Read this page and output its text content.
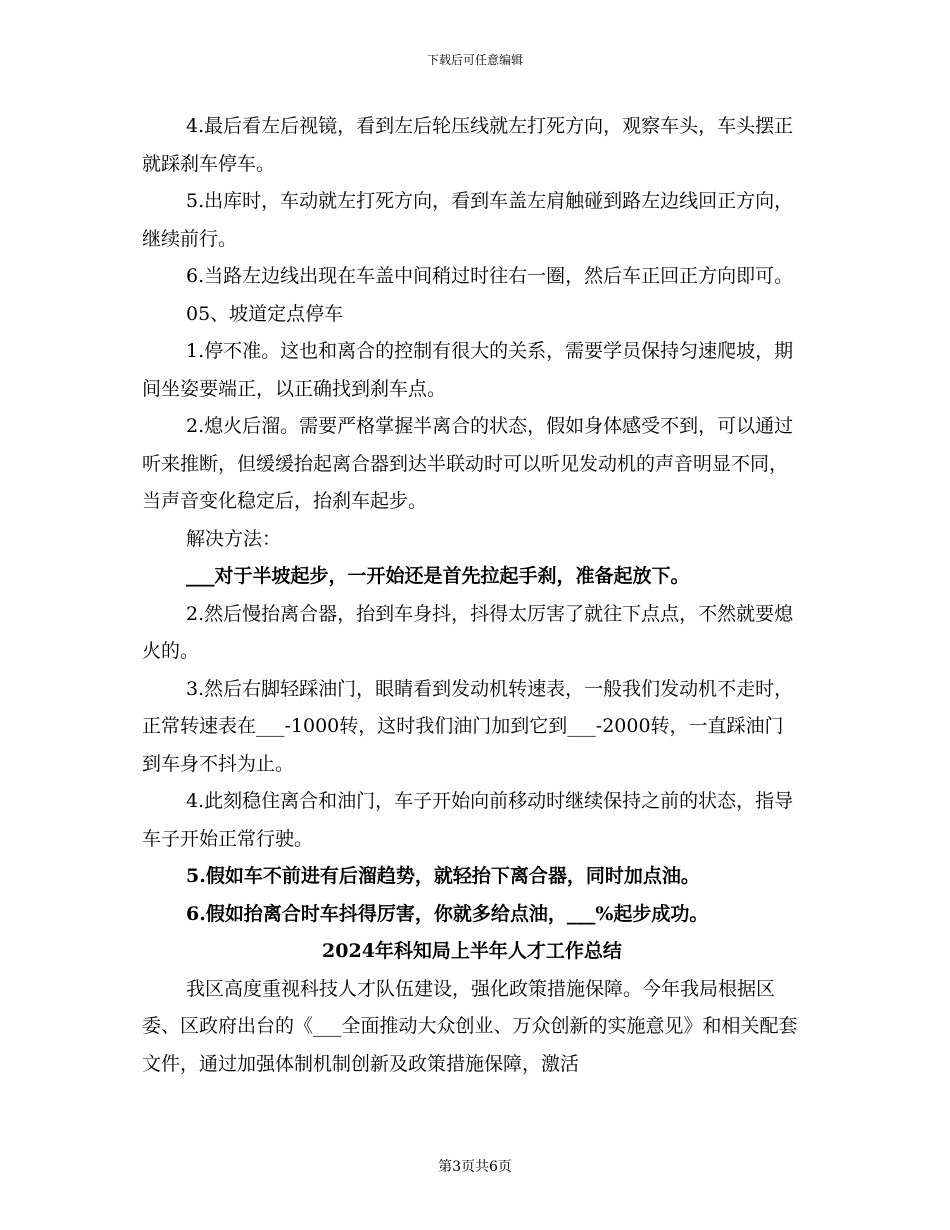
下载后可任意编辑

4.最后看左后视镜，看到左后轮压线就左打死方向，观察车头，车头摆正就踩刹车停车。

5.出库时，车动就左打死方向，看到车盖左肩触碰到路左边线回正方向，继续前行。

6.当路左边线出现在车盖中间稍过时往右一圈，然后车正回正方向即可。

05、坡道定点停车

1.停不准。这也和离合的控制有很大的关系，需要学员保持匀速爬坡，期间坐姿要端正，以正确找到刹车点。

2.熄火后溜。需要严格掌握半离合的状态，假如身体感受不到，可以通过听来推断，但缓缓抬起离合器到达半联动时可以听见发动机的声音明显不同，当声音变化稳定后，抬刹车起步。

解决方法：

___对于半坡起步，一开始还是首先拉起手刹，准备起放下。

2.然后慢抬离合器，抬到车身抖，抖得太厉害了就往下点点，不然就要熄火的。

3.然后右脚轻踩油门，眼睛看到发动机转速表，一般我们发动机不走时，正常转速表在___-1000转，这时我们油门加到它到___-2000转，一直踩油门到车身不抖为止。

4.此刻稳住离合和油门，车子开始向前移动时继续保持之前的状态，指导车子开始正常行驶。

5.假如车不前进有后溜趋势，就轻抬下离合器，同时加点油。

6.假如抬离合时车抖得厉害，你就多给点油，___%起步成功。

2024年科知局上半年人才工作总结

我区高度重视科技人才队伍建设，强化政策措施保障。今年我局根据区委、区政府出台的《___全面推动大众创业、万众创新的实施意见》和相关配套文件，通过加强体制机制创新及政策措施保障，激活

第3页共6页
